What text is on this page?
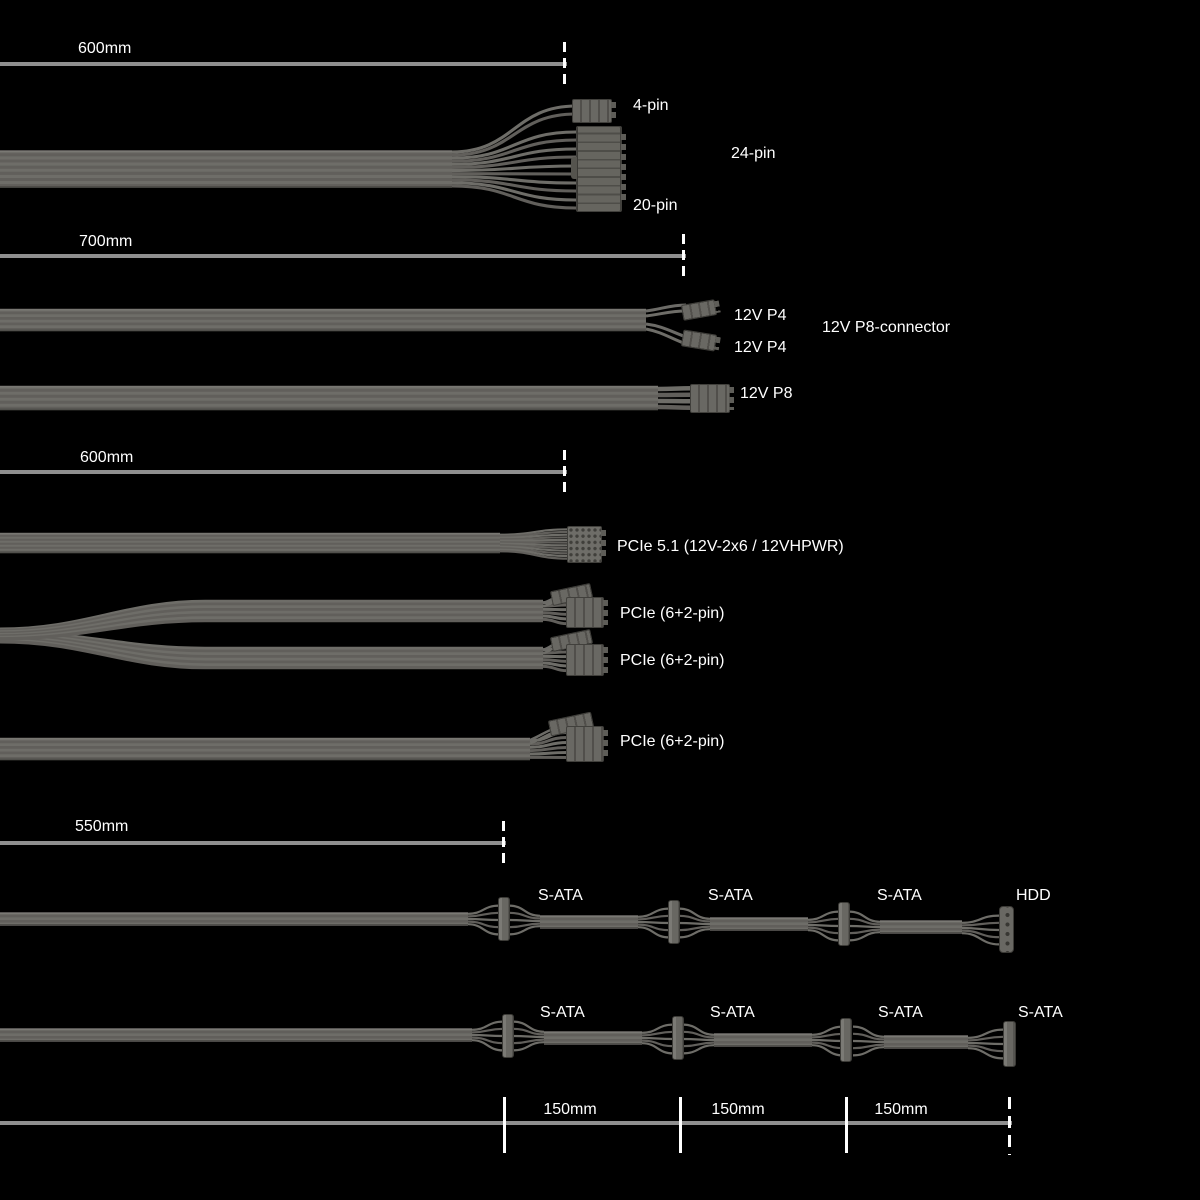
600mm
700mm
600mm
550mm
150mm	150mm	150mm
4-pin
24-pin
20-pin
12V P4
12V P4
12V P8-connector
12V P8
PCIe 5.1 (12V-2x6 / 12VHPWR)
PCIe (6+2-pin)
PCIe (6+2-pin)
PCIe (6+2-pin)
S-ATA	S-ATA	S-ATA	HDD
S-ATA	S-ATA	S-ATA	S-ATA
